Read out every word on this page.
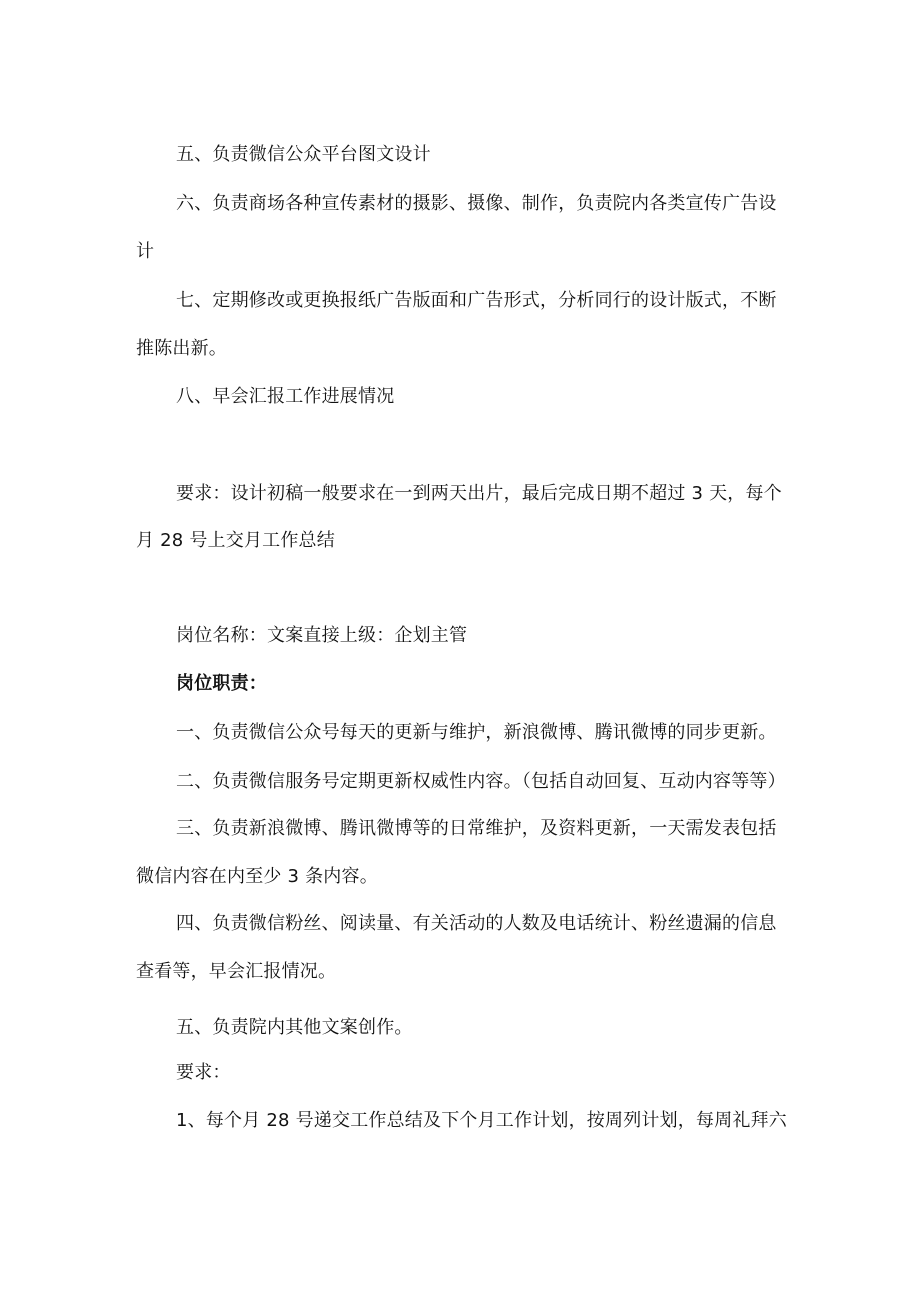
五、负责微信公众平台图文设计
六、负责商场各种宣传素材的摄影、摄像、制作，负责院内各类宣传广告设
计
七、定期修改或更换报纸广告版面和广告形式，分析同行的设计版式，不断
推陈出新。
八、早会汇报工作进展情况
要求：设计初稿一般要求在一到两天出片，最后完成日期不超过 3 天，每个
月 28 号上交月工作总结
岗位名称：文案直接上级：企划主管
岗位职责：
一、负责微信公众号每天的更新与维护，新浪微博、腾讯微博的同步更新。
二、负责微信服务号定期更新权威性内容。（包括自动回复、互动内容等等）
三、负责新浪微博、腾讯微博等的日常维护，及资料更新，一天需发表包括
微信内容在内至少 3 条内容。
四、负责微信粉丝、阅读量、有关活动的人数及电话统计、粉丝遗漏的信息
查看等，早会汇报情况。
五、负责院内其他文案创作。
要求：
1、每个月 28 号递交工作总结及下个月工作计划，按周列计划，每周礼拜六
